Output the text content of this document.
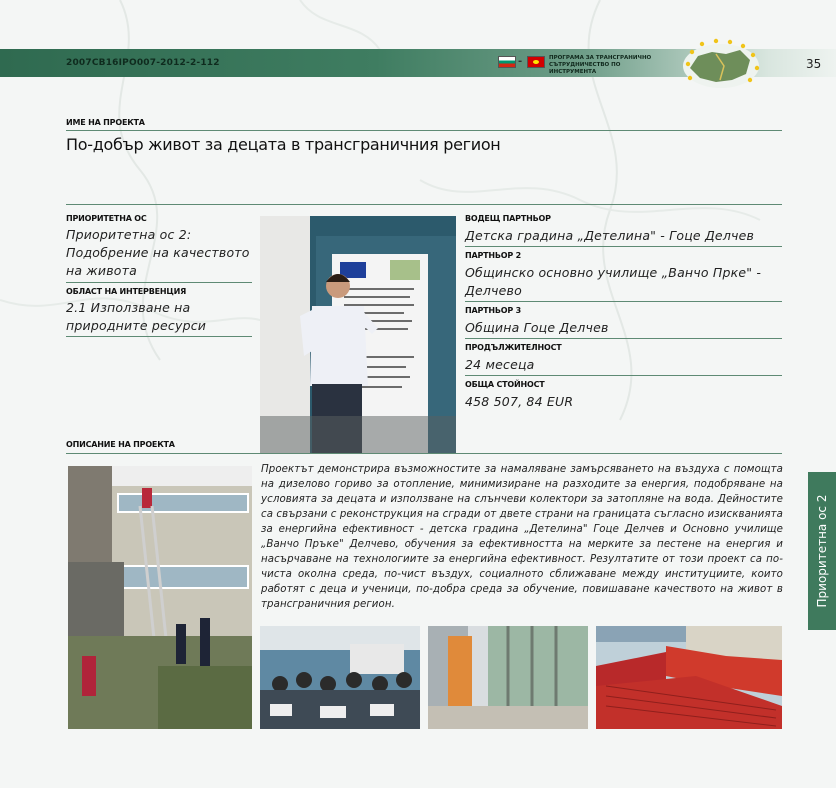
2007CB16IPO007-2012-2-112	-	ПРОГРАМА ЗА ТРАНСГРАНИЧНО СЪТРУДНИЧЕСТВО ПО ИНСТРУМЕНТА
35
ИМЕ НА ПРОЕКТА
По-добър живот за децата в трансграничния регион
ПРИОРИТЕТНА ОС
Приоритетна ос 2:
Подобрение на качеството
на живота
ОБЛАСТ НА ИНТЕРВЕНЦИЯ
2.1 Използване на
природните ресурси
ВОДЕЩ ПАРТНЬОР
Детска градина „Детелина" - Гоце Делчев
ПАРТНЬОР 2
Общинско основно училище „Ванчо Прке" -
Делчево
ПАРТНЬОР 3
Община Гоце Делчев
ПРОДЪЛЖИТЕЛНОСТ
24 месеца
ОБЩА СТОЙНОСТ
458 507, 84 EUR
ОПИСАНИЕ НА ПРОЕКТА
Проектът демонстрира възможностите за намаляване замърсяването на въздуха с помощта на дизелово гориво за отопление, минимизиране на разходите за енергия, подобряване на условията за децата и използване на слънчеви колектори за затопляне на вода. Дейностите са свързани с реконструкция на сгради от двете страни на границата съгласно изискванията за енергийна ефективност - детска градина „Детелина" Гоце Делчев и Основно училище „Ванчо Пръке" Делчево, обучения за ефективността на мерките за пестене на енергия и насърчаване на технологиите за енергийна ефективност. Резултатите от този проект са по-чиста околна среда, по-чист въздух, социалното сближаване между институциите, които работят с деца и ученици, по-добра среда за обучение, повишаване качеството на живот в трансграничния регион.	Приоритетна ос 2
